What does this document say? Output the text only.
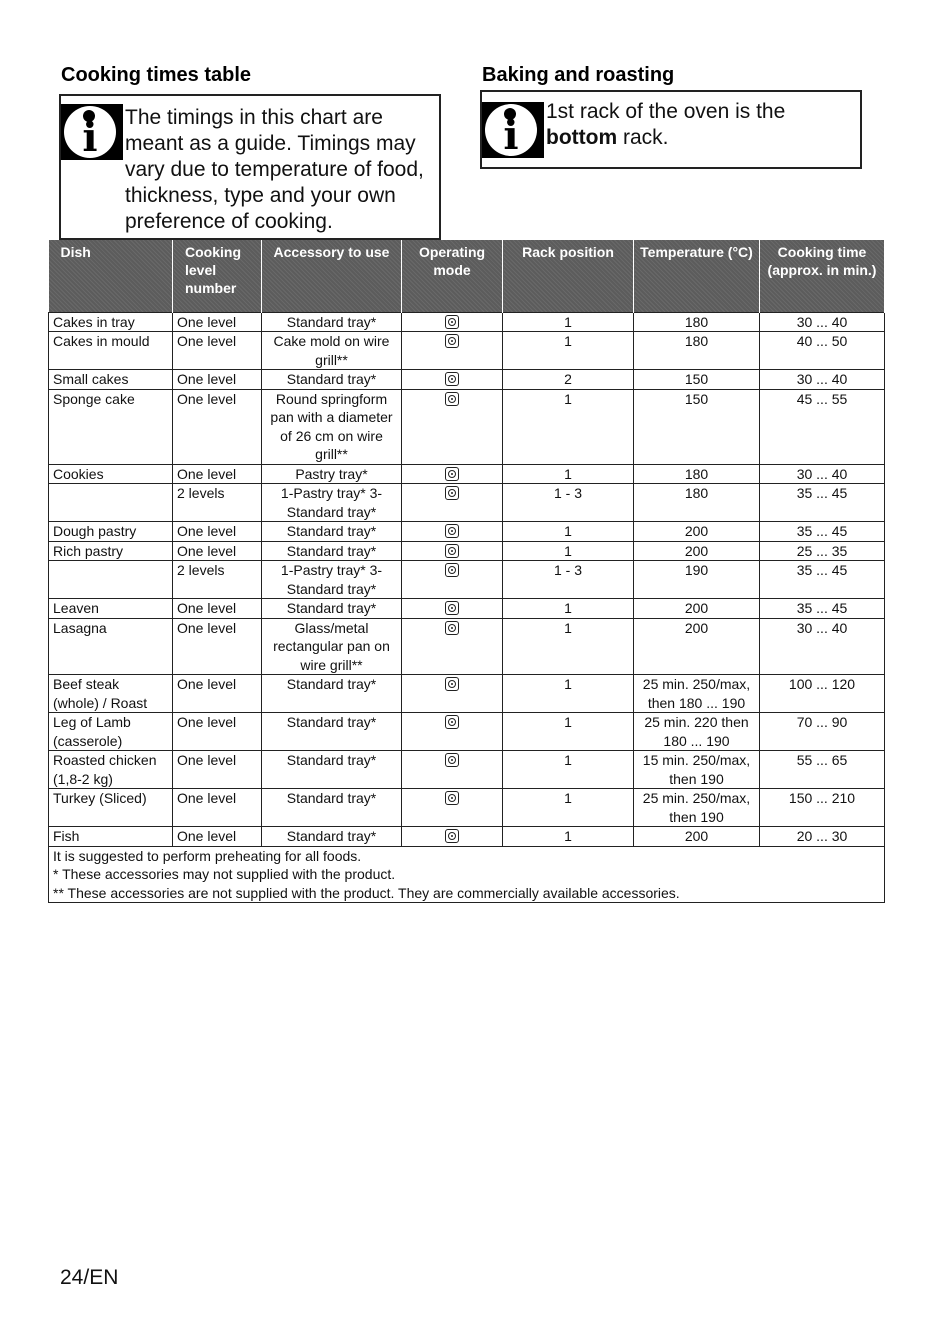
Cooking times table	Baking and roasting
i	The timings in this chart are
meant as a guide. Timings may
vary due to temperature of food,
thickness, type and your own
preference of cooking.
i
1st rack of the oven is the
bottom rack.
Dish	Cooking level number	Accessory to use	Operating mode	Rack position	Temperature (°C)	Cooking time (approx. in min.)
Cakes in tray	One level	Standard tray*		1	180	30 ... 40
Cakes in mould	One level	Cake mold on wire grill**		1	180	40 ... 50
Small cakes	One level	Standard tray*		2	150	30 ... 40
Sponge cake	One level	Round springform pan with a diameter of 26 cm on wire grill**		1	150	45 ... 55
Cookies	One level	Pastry tray*		1	180	30 ... 40
	2 levels	1-Pastry tray* 3-Standard tray*		1 - 3	180	35 ... 45
Dough pastry	One level	Standard tray*		1	200	35 ... 45
Rich pastry	One level	Standard tray*		1	200	25 ... 35
	2 levels	1-Pastry tray* 3-Standard tray*		1 - 3	190	35 ... 45
Leaven	One level	Standard tray*		1	200	35 ... 45
Lasagna	One level	Glass/metal rectangular pan on wire grill**		1	200	30 ... 40
Beef steak (whole) / Roast	One level	Standard tray*		1	25 min. 250/max, then 180 ... 190	100 ... 120
Leg of Lamb (casserole)	One level	Standard tray*		1	25 min. 220 then 180 ... 190	70 ... 90
Roasted chicken (1,8-2 kg)	One level	Standard tray*		1	15 min. 250/max, then 190	55 ... 65
Turkey (Sliced)	One level	Standard tray*		1	25 min. 250/max, then 190	150 ... 210
Fish	One level	Standard tray*		1	200	20 ... 30

It is suggested to perform preheating for all foods.
* These accessories may not supplied with the product.
** These accessories are not supplied with the product. They are commercially available accessories.						
24/EN
